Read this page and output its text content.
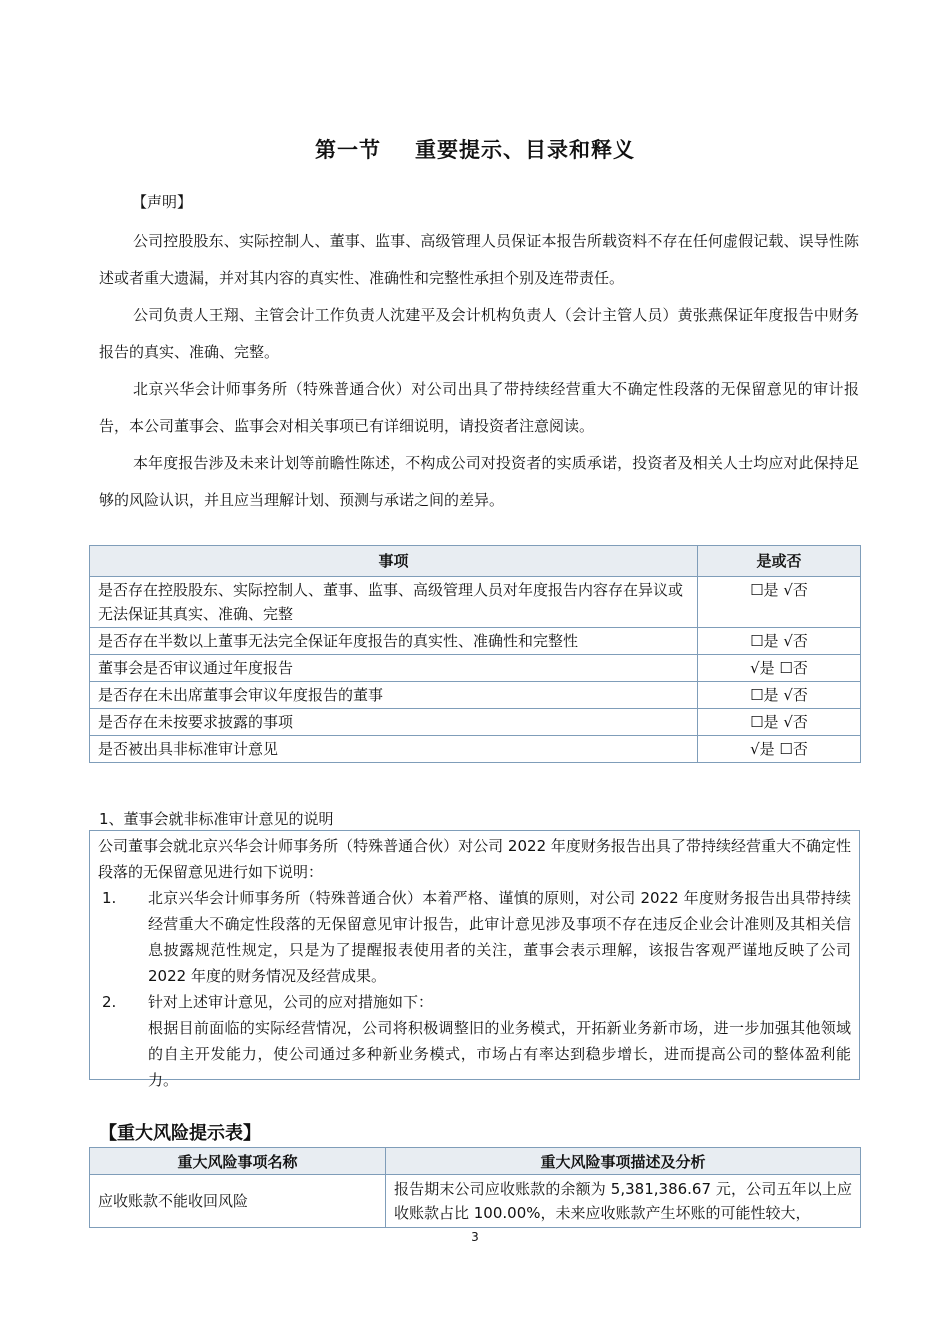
第一节 重要提示、目录和释义
【声明】

公司控股股东、实际控制人、董事、监事、高级管理人员保证本报告所载资料不存在任何虚假记载、误导性陈述或者重大遗漏，并对其内容的真实性、准确性和完整性承担个别及连带责任。

公司负责人王翔、主管会计工作负责人沈建平及会计机构负责人（会计主管人员）黄张燕保证年度报告中财务报告的真实、准确、完整。

北京兴华会计师事务所（特殊普通合伙）对公司出具了带持续经营重大不确定性段落的无保留意见的审计报告，本公司董事会、监事会对相关事项已有详细说明，请投资者注意阅读。

本年度报告涉及未来计划等前瞻性陈述，不构成公司对投资者的实质承诺，投资者及相关人士均应对此保持足够的风险认识，并且应当理解计划、预测与承诺之间的差异。

事项	是或否
是否存在控股股东、实际控制人、董事、监事、高级管理人员对年度报告内容存在异议或无法保证其真实、准确、完整	☐是 √否
是否存在半数以上董事无法完全保证年度报告的真实性、准确性和完整性	☐是 √否
董事会是否审议通过年度报告	√是 ☐否
是否存在未出席董事会审议年度报告的董事	☐是 √否
是否存在未按要求披露的事项	☐是 √否
是否被出具非标准审计意见	√是 ☐否
1、董事会就非标准审计意见的说明

公司董事会就北京兴华会计师事务所（特殊普通合伙）对公司 2022 年度财务报告出具了带持续经营重大不确定性段落的无保留意见进行如下说明：

1. 北京兴华会计师事务所（特殊普通合伙）本着严格、谨慎的原则，对公司 2022 年度财务报告出具带持续经营重大不确定性段落的无保留意见审计报告，此审计意见涉及事项不存在违反企业会计准则及其相关信息披露规范性规定，只是为了提醒报表使用者的关注，董事会表示理解，该报告客观严谨地反映了公司 2022 年度的财务情况及经营成果。

2. 针对上述审计意见，公司的应对措施如下：

根据目前面临的实际经营情况，公司将积极调整旧的业务模式，开拓新业务新市场，进一步加强其他领域的自主开发能力，使公司通过多种新业务模式，市场占有率达到稳步增长，进而提高公司的整体盈利能力。

【重大风险提示表】
重大风险事项名称	重大风险事项描述及分析
应收账款不能收回风险	报告期末公司应收账款的余额为 5,381,386.67 元，公司五年以上应收账款占比 100.00%，未来应收账款产生坏账的可能性较大，
3
